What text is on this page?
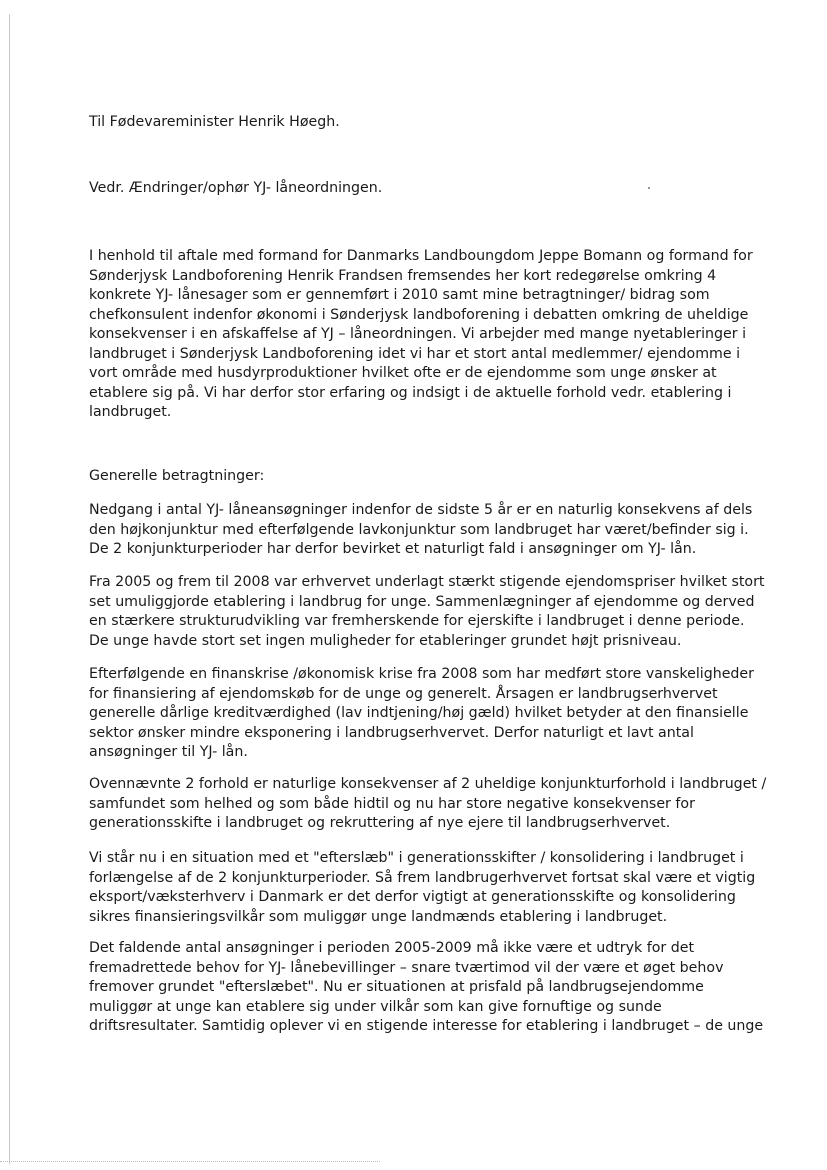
Til Fødevareminister Henrik Høegh.

Vedr. Ændringer/ophør YJ- låneordningen.

I henhold til aftale med formand for Danmarks Landboungdom Jeppe Bomann og formand for
Sønderjysk Landboforening Henrik Frandsen fremsendes her kort redegørelse omkring 4
konkrete YJ- lånesager som er gennemført i 2010 samt mine betragtninger/ bidrag som
chefkonsulent indenfor økonomi i Sønderjysk landboforening i debatten omkring de uheldige
konsekvenser i en afskaffelse af YJ – låneordningen. Vi arbejder med mange nyetableringer i
landbruget i Sønderjysk Landboforening idet vi har et stort antal medlemmer/ ejendomme i
vort område med husdyrproduktioner hvilket ofte er de ejendomme som unge ønsker at
etablere sig på. Vi har derfor stor erfaring og indsigt i de aktuelle forhold vedr. etablering i
landbruget.

Generelle betragtninger:

Nedgang i antal YJ- låneansøgninger indenfor de sidste 5 år er en naturlig konsekvens af dels
den højkonjunktur med efterfølgende lavkonjunktur som landbruget har været/befinder sig i.
De 2 konjunkturperioder har derfor bevirket et naturligt fald i ansøgninger om YJ- lån.

Fra 2005 og frem til 2008 var erhvervet underlagt stærkt stigende ejendomspriser hvilket stort
set umuliggjorde etablering i landbrug for unge. Sammenlægninger af ejendomme og derved
en stærkere strukturudvikling var fremherskende for ejerskifte i landbruget i denne periode.
De unge havde stort set ingen muligheder for etableringer grundet højt prisniveau.

Efterfølgende en finanskrise /økonomisk krise fra 2008 som har medført store vanskeligheder
for finansiering af ejendomskøb for de unge og generelt. Årsagen er landbrugserhvervet
generelle dårlige kreditværdighed (lav indtjening/høj gæld) hvilket betyder at den finansielle
sektor ønsker mindre eksponering i landbrugserhvervet. Derfor naturligt et lavt antal
ansøgninger til YJ- lån.

Ovennævnte 2 forhold er naturlige konsekvenser af 2 uheldige konjunkturforhold i landbruget /
samfundet som helhed og som både hidtil og nu har store negative konsekvenser for
generationsskifte i landbruget og rekruttering af nye ejere til landbrugserhvervet.

Vi står nu i en situation med et "efterslæb" i generationsskifter / konsolidering i landbruget i
forlængelse af de 2 konjunkturperioder. Så frem landbrugerhvervet fortsat skal være et vigtig
eksport/væksterhverv i Danmark er det derfor vigtigt at generationsskifte og konsolidering
sikres finansieringsvilkår som muliggør unge landmænds etablering i landbruget.

Det faldende antal ansøgninger i perioden 2005-2009 må ikke være et udtryk for det
fremadrettede behov for YJ- lånebevillinger – snare tværtimod vil der være et øget behov
fremover grundet "efterslæbet". Nu er situationen at prisfald på landbrugsejendomme
muliggør at unge kan etablere sig under vilkår som kan give fornuftige og sunde
driftsresultater. Samtidig oplever vi en stigende interesse for etablering i landbruget – de unge
